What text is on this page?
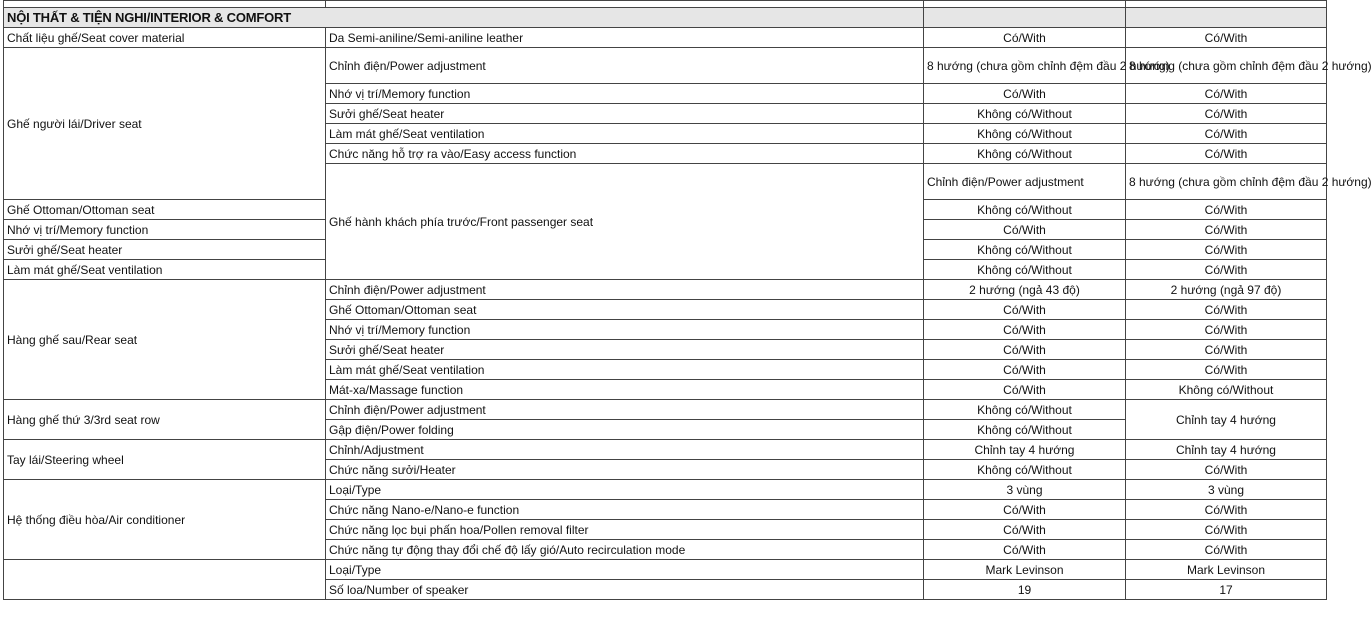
NỘI THẤT & TIỆN NGHI/INTERIOR & COMFORT				
Chất liệu ghế/Seat cover material	Da Semi-aniline/Semi-aniline leather	Có/With	Có/With	
Ghế người lái/Driver seat	Chỉnh điện/Power adjustment	8 hướng (chưa gồm chỉnh đệm đầu 2 hướng)	8 hướng (chưa gồm chỉnh đệm đầu 2 hướng)	
	Nhớ vị trí/Memory function	Có/With	Có/With	
	Sưởi ghế/Seat heater	Không có/Without	Có/With	
	Làm mát ghế/Seat ventilation	Không có/Without	Có/With	
	Chức năng hỗ trợ ra vào/Easy access function	Không có/Without	Có/With	
	Ghế hành khách phía trước/Front passenger seat	Chỉnh điện/Power adjustment	8 hướng (chưa gồm chỉnh đệm đầu 2 hướng)	
Ghế Ottoman/Ottoman seat		Không có/Without	Có/With	
Nhớ vị trí/Memory function		Có/With	Có/With	
Sưởi ghế/Seat heater		Không có/Without	Có/With	
Làm mát ghế/Seat ventilation		Không có/Without	Có/With	
Hàng ghế sau/Rear seat	Chỉnh điện/Power adjustment	2 hướng (ngả 43 độ)	2 hướng (ngả 97 độ)	
	Ghế Ottoman/Ottoman seat	Có/With	Có/With	
	Nhớ vị trí/Memory function	Có/With	Có/With	
	Sưởi ghế/Seat heater	Có/With	Có/With	
	Làm mát ghế/Seat ventilation	Có/With	Có/With	
	Mát-xa/Massage function	Có/With	Không có/Without	
Hàng ghế thứ 3/3rd seat row	Chỉnh điện/Power adjustment	Không có/Without	Chỉnh tay 4 hướng	
	Gập điện/Power folding	Không có/Without		
Tay lái/Steering wheel	Chỉnh/Adjustment	Chỉnh tay 4 hướng	Chỉnh tay 4 hướng	
	Chức năng sưởi/Heater	Không có/Without	Có/With	
Hệ thống điều hòa/Air conditioner	Loại/Type	3 vùng	3 vùng	
	Chức năng Nano-e/Nano-e function	Có/With	Có/With	
	Chức năng lọc bụi phấn hoa/Pollen removal filter	Có/With	Có/With	
	Chức năng tự động thay đổi chế độ lấy gió/Auto recirculation mode	Có/With	Có/With	
	Loại/Type	Mark Levinson	Mark Levinson	
	Số loa/Number of speaker	19	17	
